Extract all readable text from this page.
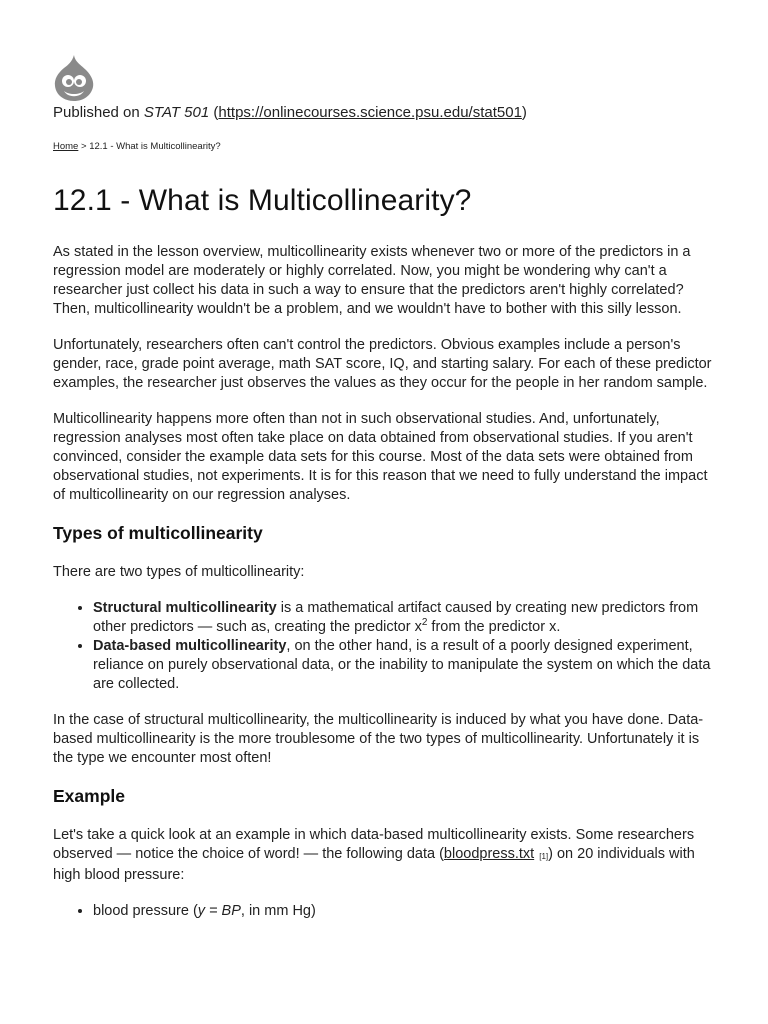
Published on STAT 501 (https://onlinecourses.science.psu.edu/stat501)
Home > 12.1 - What is Multicollinearity?
12.1 - What is Multicollinearity?

As stated in the lesson overview, multicollinearity exists whenever two or more of the predictors in a regression model are moderately or highly correlated. Now, you might be wondering why can't a researcher just collect his data in such a way to ensure that the predictors aren't highly correlated? Then, multicollinearity wouldn't be a problem, and we wouldn't have to bother with this silly lesson.

Unfortunately, researchers often can't control the predictors. Obvious examples include a person's gender, race, grade point average, math SAT score, IQ, and starting salary. For each of these predictor examples, the researcher just observes the values as they occur for the people in her random sample.

Multicollinearity happens more often than not in such observational studies. And, unfortunately, regression analyses most often take place on data obtained from observational studies. If you aren't convinced, consider the example data sets for this course. Most of the data sets were obtained from observational studies, not experiments. It is for this reason that we need to fully understand the impact of multicollinearity on our regression analyses.

Types of multicollinearity

There are two types of multicollinearity:

• Structural multicollinearity is a mathematical artifact caused by creating new predictors from other predictors — such as, creating the predictor $x^2$ from the predictor x.
• Data-based multicollinearity, on the other hand, is a result of a poorly designed experiment, reliance on purely observational data, or the inability to manipulate the system on which the data are collected.

In the case of structural multicollinearity, the multicollinearity is induced by what you have done. Data-based multicollinearity is the more troublesome of the two types of multicollinearity. Unfortunately it is the type we encounter most often!

Example

Let's take a quick look at an example in which data-based multicollinearity exists. Some researchers observed — notice the choice of word! — the following data (bloodpress.txt [1]) on 20 individuals with high blood pressure:

• blood pressure (y = BP, in mm Hg)
